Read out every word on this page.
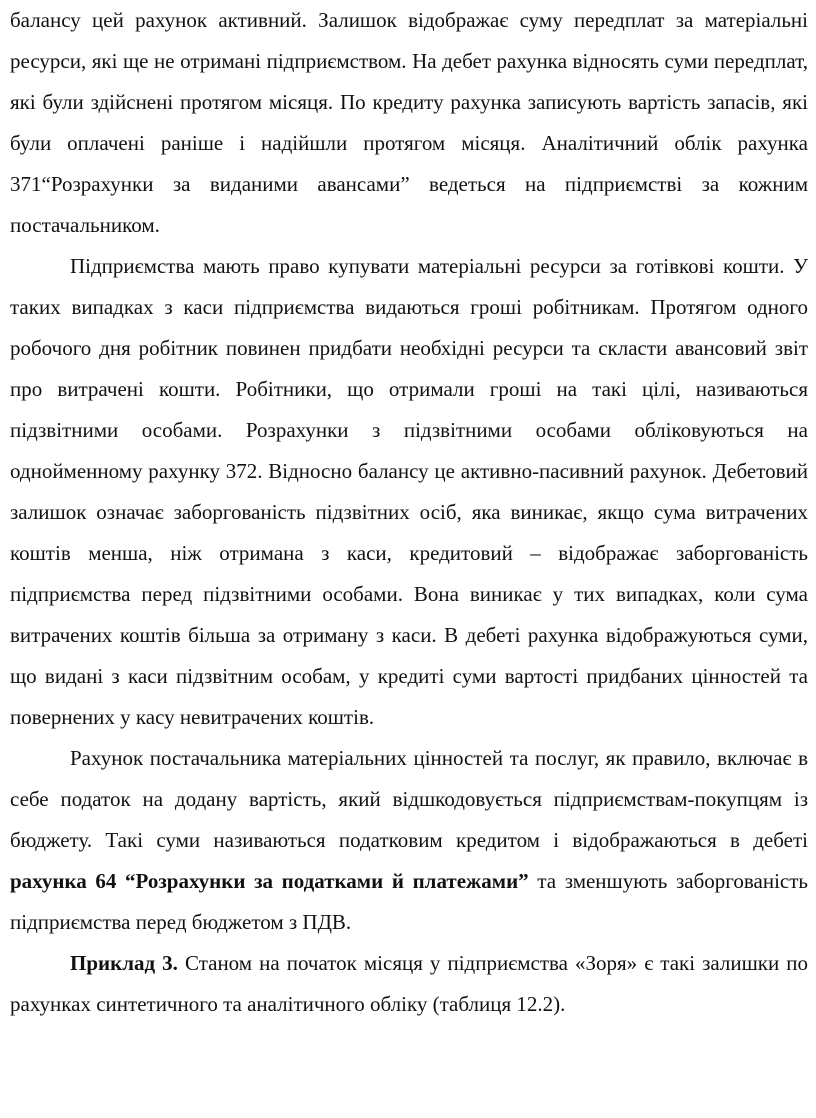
балансу цей рахунок активний. Залишок відображає суму передплат за матеріальні ресурси, які ще не отримані підприємством. На дебет рахунка відносять суми передплат, які були здійснені протягом місяця. По кредиту рахунка записують вартість запасів, які були оплачені раніше і надійшли протягом місяця. Аналітичний облік рахунка 371“Розрахунки за виданими авансами” ведеться на підприємстві за кожним постачальником.

Підприємства мають право купувати матеріальні ресурси за готівкові кошти. У таких випадках з каси підприємства видаються гроші робітникам. Протягом одного робочого дня робітник повинен придбати необхідні ресурси та скласти авансовий звіт про витрачені кошти. Робітники, що отримали гроші на такі цілі, називаються підзвітними особами. Розрахунки з підзвітними особами обліковуються на однойменному рахунку 372. Відносно балансу це активно-пасивний рахунок. Дебетовий залишок означає заборгованість підзвітних осіб, яка виникає, якщо сума витрачених коштів менша, ніж отримана з каси, кредитовий – відображає заборгованість підприємства перед підзвітними особами. Вона виникає у тих випадках, коли сума витрачених коштів більша за отриману з каси. В дебеті рахунка відображуються суми, що видані з каси підзвітним особам, у кредиті суми вартості придбаних цінностей та повернених у касу невитрачених коштів.

Рахунок постачальника матеріальних цінностей та послуг, як правило, включає в себе податок на додану вартість, який відшкодовується підприємствам-покупцям із бюджету. Такі суми називаються податковим кредитом і відображаються в дебеті рахунка 64 “Розрахунки за податками й платежами” та зменшують заборгованість підприємства перед бюджетом з ПДВ.

Приклад 3. Станом на початок місяця у підприємства «Зоря» є такі залишки по рахунках синтетичного та аналітичного обліку (таблиця 12.2).
